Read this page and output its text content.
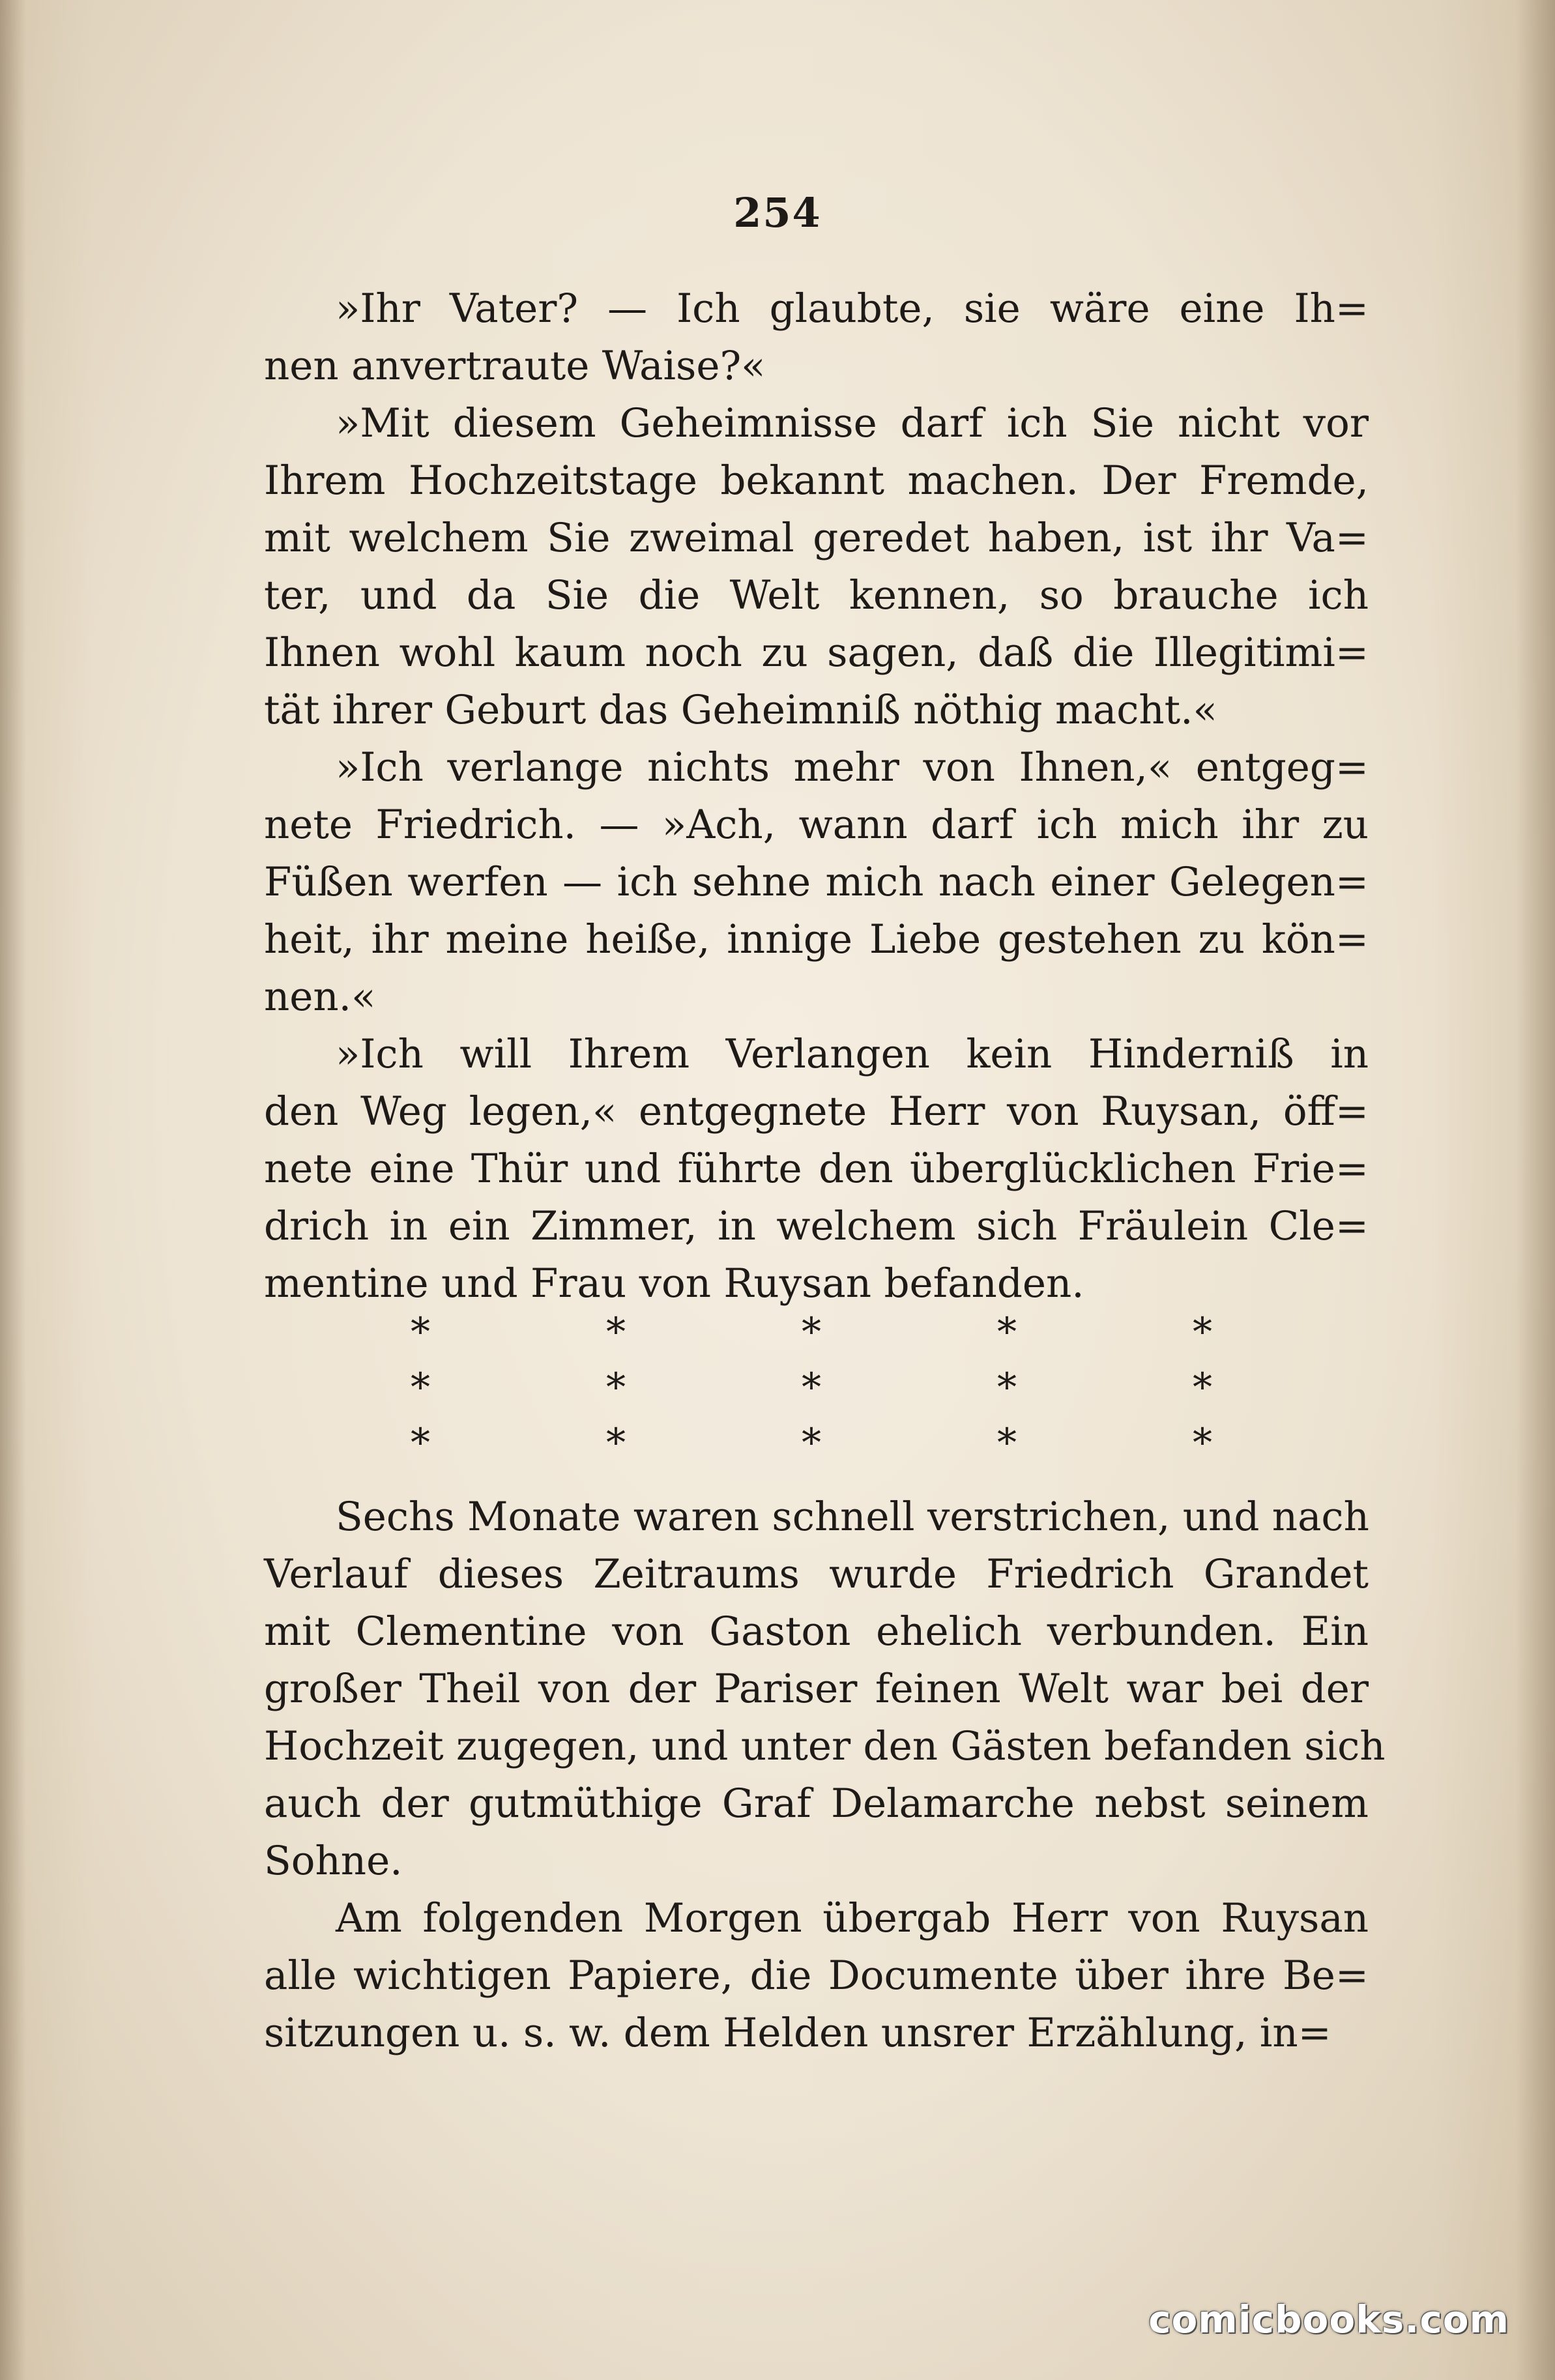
254
»Ihr Vater? — Ich glaubte, sie wäre eine Ih=
nen anvertraute Waise?«
»Mit diesem Geheimnisse darf ich Sie nicht vor
Ihrem Hochzeitstage bekannt machen. Der Fremde,
mit welchem Sie zweimal geredet haben, ist ihr Va=
ter, und da Sie die Welt kennen, so brauche ich
Ihnen wohl kaum noch zu sagen, daß die Illegitimi=
tät ihrer Geburt das Geheimniß nöthig macht.«
»Ich verlange nichts mehr von Ihnen,« entgeg=
nete Friedrich. — »Ach, wann darf ich mich ihr zu
Füßen werfen — ich sehne mich nach einer Gelegen=
heit, ihr meine heiße, innige Liebe gestehen zu kön=
nen.«
»Ich will Ihrem Verlangen kein Hinderniß in
den Weg legen,« entgegnete Herr von Ruysan, öff=
nete eine Thür und führte den überglücklichen Frie=
drich in ein Zimmer, in welchem sich Fräulein Cle=
mentine und Frau von Ruysan befanden.
*	*	*	*	*
*	*	*	*	*
*	*	*	*	*
Sechs Monate waren schnell verstrichen, und nach
Verlauf dieses Zeitraums wurde Friedrich Grandet
mit Clementine von Gaston ehelich verbunden. Ein
großer Theil von der Pariser feinen Welt war bei der
Hochzeit zugegen, und unter den Gästen befanden sich
auch der gutmüthige Graf Delamarche nebst seinem
Sohne.
Am folgenden Morgen übergab Herr von Ruysan
alle wichtigen Papiere, die Documente über ihre Be=
sitzungen u. s. w. dem Helden unsrer Erzählung, in=
comicbooks.com
